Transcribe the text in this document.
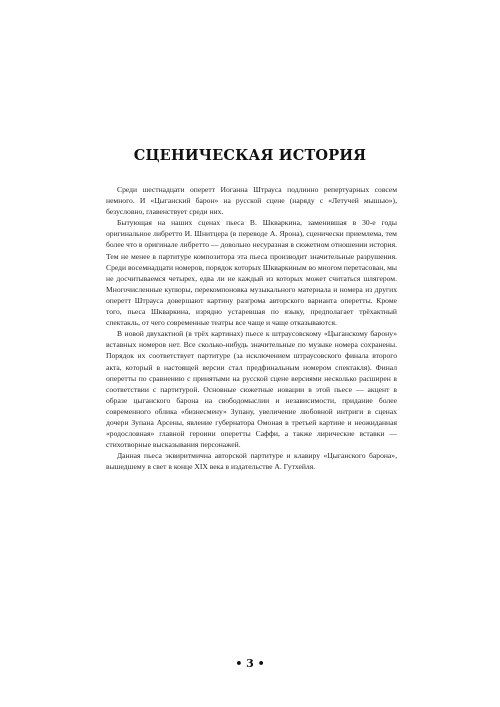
СЦЕНИЧЕСКАЯ ИСТОРИЯ

Среди шестнадцати оперетт Иоганна Штрауса подлинно репертуарных совсем немного. И «Цыганский барон» на русской сцене (наряду с «Летучей мышью»), безусловно, главенствует среди них.

Бытующая на наших сценах пьеса В. Шкваркина, заменившая в 30-е годы оригинальное либретто И. Шнитцера (в переводе А. Ярона), сценически приемлема, тем более что в оригинале либретто — довольно несуразная в сюжетном отношении история. Тем не менее в партитуре композитора эта пьеса производит значительные разрушения. Среди восемнадцати номеров, порядок которых Шкваркиным во многом перетасован, мы не досчитываемся четырех, едва ли не каждый из которых может считаться шлягером. Многочисленные купюры, перекомпоновка музыкального материала и номера из других оперетт Штрауса довершают картину разгрома авторского варианта оперетты. Кроме того, пьеса Шкваркина, изрядно устаревшая по языку, предполагает трёхактный спектакль, от чего современные театры все чаще и чаще отказываются.

В новой двухактной (в трёх картинах) пьесе к штраусовскому «Цыганскому барону» вставных номеров нет. Все сколько-нибудь значительные по музыке номера сохранены. Порядок их соответствует партитуре (за исключением штраусовского финала второго акта, который в настоящей версии стал предфинальным номером спектакля). Финал оперетты по сравнению с принятыми на русской сцене версиями несколько расширен в соответствии с партитурой. Основные сюжетные новации в этой пьесе — акцент в образе цыганского барона на свободомыслии и независимости, придание более современного облика «бизнесмену» Зупану, увеличение любовной интриги в сценах дочери Зупана Арсены, явление губернатора Омоная в третьей картине и неожиданная «родословная» главной героини оперетты Саффи, а также лирические вставки — стихотворные высказывания персонажей.

Данная пьеса эквиритмична авторской партитуре и клавиру «Цыганского барона», вышедшему в свет в конце XIX века в издательстве А. Гутхейля.

• 3 •
